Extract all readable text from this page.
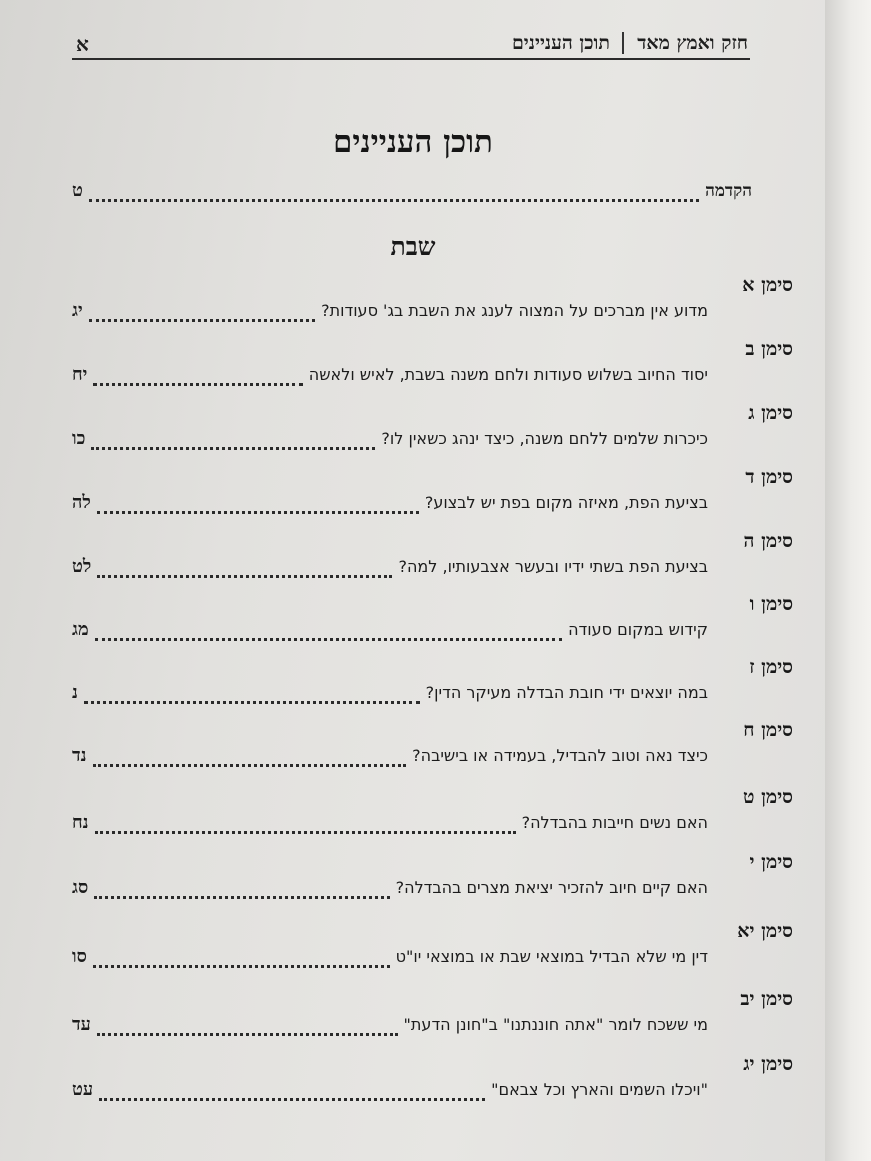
חזק ואמץ מאד
תוכן העניינים
א
תוכן העניינים
הקדמה
ט
שבת
סימן א
מדוע אין מברכים על המצוה לענג את השבת בג' סעודות?
יג
סימן ב
יסוד החיוב בשלוש סעודות ולחם משנה בשבת, לאיש ולאשה
יח
סימן ג
כיכרות שלמים ללחם משנה, כיצד ינהג כשאין לו?
כו
סימן ד
בציעת הפת, מאיזה מקום בפת יש לבצוע?
לה
סימן ה
בציעת הפת בשתי ידיו ובעשר אצבעותיו, למה?
לט
סימן ו
קידוש במקום סעודה
מג
סימן ז
במה יוצאים ידי חובת הבדלה מעיקר הדין?
נ
סימן ח
כיצד נאה וטוב להבדיל, בעמידה או בישיבה?
נד
סימן ט
האם נשים חייבות בהבדלה?
נח
סימן י
האם קיים חיוב להזכיר יציאת מצרים בהבדלה?
סג
סימן יא
דין מי שלא הבדיל במוצאי שבת או במוצאי יו"ט
סו
סימן יב
מי ששכח לומר "אתה חוננתנו" ב"חונן הדעת"
עד
סימן יג
"ויכלו השמים והארץ וכל צבאם"
עט
